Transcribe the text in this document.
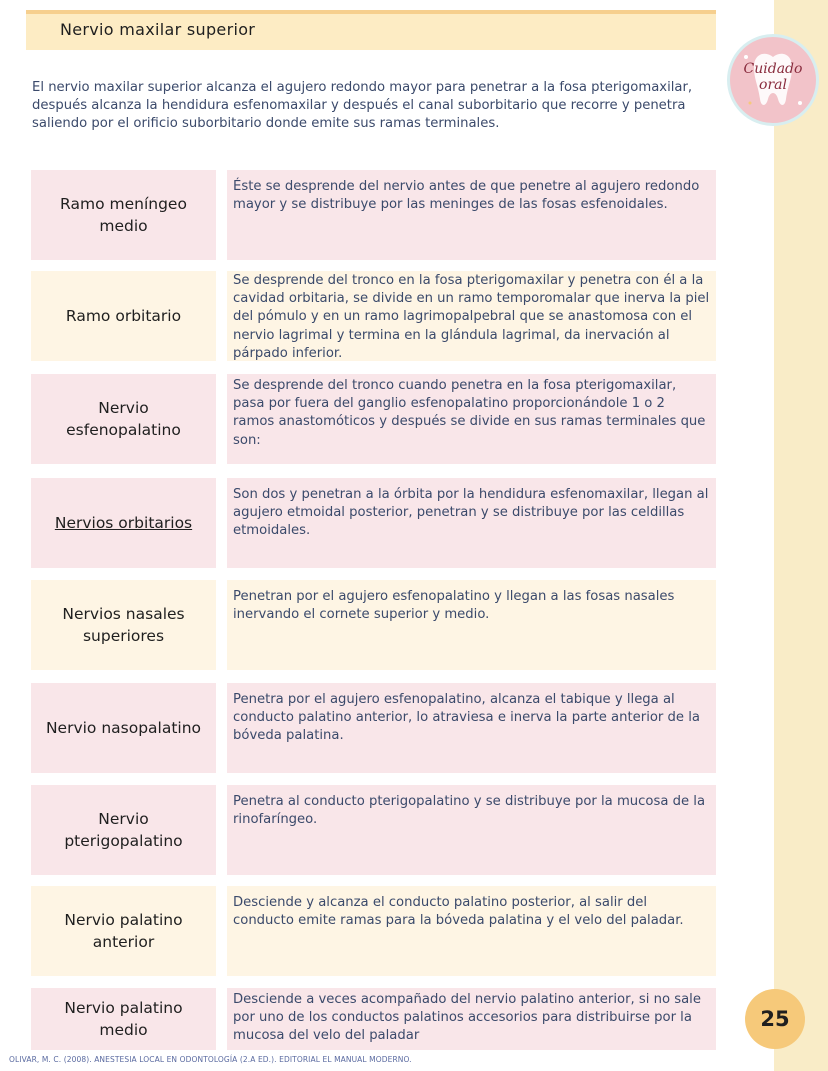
Nervio maxilar superior
Cuidado
oral
El nervio maxilar superior alcanza el agujero redondo mayor para penetrar a la fosa pterigomaxilar, después alcanza la hendidura esfenomaxilar y después el canal suborbitario que recorre y penetra saliendo por el orificio suborbitario donde emite sus ramas terminales.
Ramo meníngeo medio
Éste se desprende del nervio antes de que penetre al agujero redondo mayor y se distribuye por las meninges de las fosas esfenoidales.
Ramo orbitario
Se desprende del tronco en la fosa pterigomaxilar y penetra con él a la cavidad orbitaria, se divide en un ramo temporomalar que inerva la piel del pómulo y en un ramo lagrimopalpebral que se anastomosa con el nervio lagrimal y termina en la glándula lagrimal, da inervación al párpado inferior.
Nervio esfenopalatino
Se desprende del tronco cuando penetra en la fosa pterigomaxilar, pasa por fuera del ganglio esfenopalatino proporcionándole 1 o 2 ramos anastomóticos y después se divide en sus ramas terminales que son:
Nervios orbitarios
Son dos y penetran a la órbita por la hendidura esfenomaxilar, llegan al agujero etmoidal posterior, penetran y se distribuye por las celdillas etmoidales.
Nervios nasales superiores
Penetran por el agujero esfenopalatino y llegan a las fosas nasales inervando el cornete superior y medio.
Nervio nasopalatino
Penetra por el agujero esfenopalatino, alcanza el tabique y llega al conducto palatino anterior, lo atraviesa e inerva la parte anterior de la bóveda palatina.
Nervio pterigopalatino
Penetra al conducto pterigopalatino y se distribuye por la mucosa de la rinofaríngeo.
Nervio palatino anterior
Desciende y alcanza el conducto palatino posterior, al salir del conducto emite ramas para la bóveda palatina y el velo del paladar.
Nervio palatino medio
Desciende a veces acompañado del nervio palatino anterior, si no sale por uno de los conductos palatinos accesorios para distribuirse por la mucosa del velo del paladar
25
OLIVAR, M. C. (2008). ANESTESIA LOCAL EN ODONTOLOGÍA (2.A ED.). EDITORIAL EL MANUAL MODERNO.
